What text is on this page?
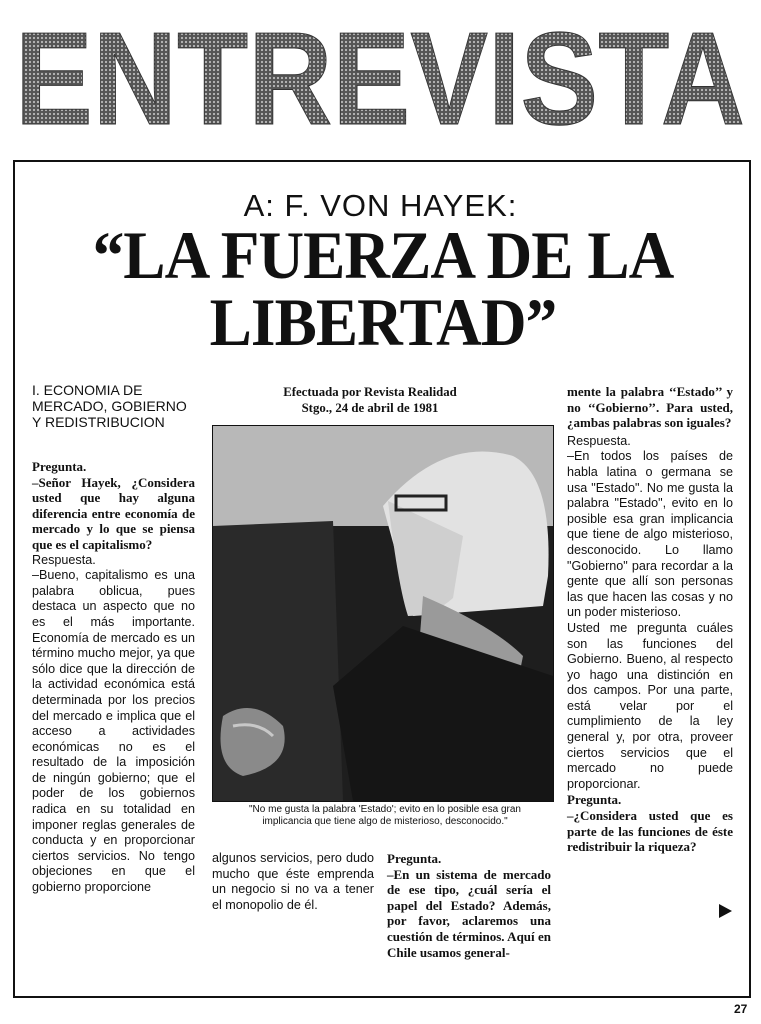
ENTREVISTA
A: F. VON HAYEK:
“LA FUERZA DE LA LIBERTAD”

I. ECONOMIA DE MERCADO, GOBIERNO Y REDISTRIBUCION

Pregunta.

–Señor Hayek, ¿Considera usted que hay alguna diferencia entre economía de mercado y lo que se piensa que es el capitalismo?

Respuesta.

–Bueno, capitalismo es una palabra oblicua, pues destaca un aspecto que no es el más importante. Economía de mercado es un término mucho mejor, ya que sólo dice que la dirección de la actividad económica está determinada por los precios del mercado e implica que el acceso a actividades económicas no es el resultado de la imposición de ningún gobierno; que el poder de los gobiernos radica en su totalidad en imponer reglas generales de conducta y en proporcionar ciertos servicios. No tengo objeciones en que el gobierno proporcione

Efectuada por Revista Realidad
Stgo., 24 de abril de 1981
"No me gusta la palabra 'Estado'; evito en lo posible esa gran implicancia que tiene algo de misterioso, desconocido."

algunos servicios, pero dudo mucho que éste emprenda un negocio si no va a tener el monopolio de él.

Pregunta.

–En un sistema de mercado de ese tipo, ¿cuál sería el papel del Estado? Además, por favor, aclaremos una cuestión de términos. Aquí en Chile usamos general-

mente la palabra ‘‘Estado’’ y no ‘‘Gobierno’’. Para usted, ¿ambas palabras son iguales?

Respuesta.

–En todos los países de habla latina o germana se usa "Estado". No me gusta la palabra "Estado", evito en lo posible esa gran implicancia que tiene de algo misterioso, desconocido. Lo llamo "Gobierno" para recordar a la gente que allí son personas las que hacen las cosas y no un poder misterioso.

Usted me pregunta cuáles son las funciones del Gobierno. Bueno, al respecto yo hago una distinción en dos campos. Por una parte, está velar por el cumplimiento de la ley general y, por otra, proveer ciertos servicios que el mercado no puede proporcionar.

Pregunta.

–¿Considera usted que es parte de las funciones de éste redistribuir la riqueza?

27
